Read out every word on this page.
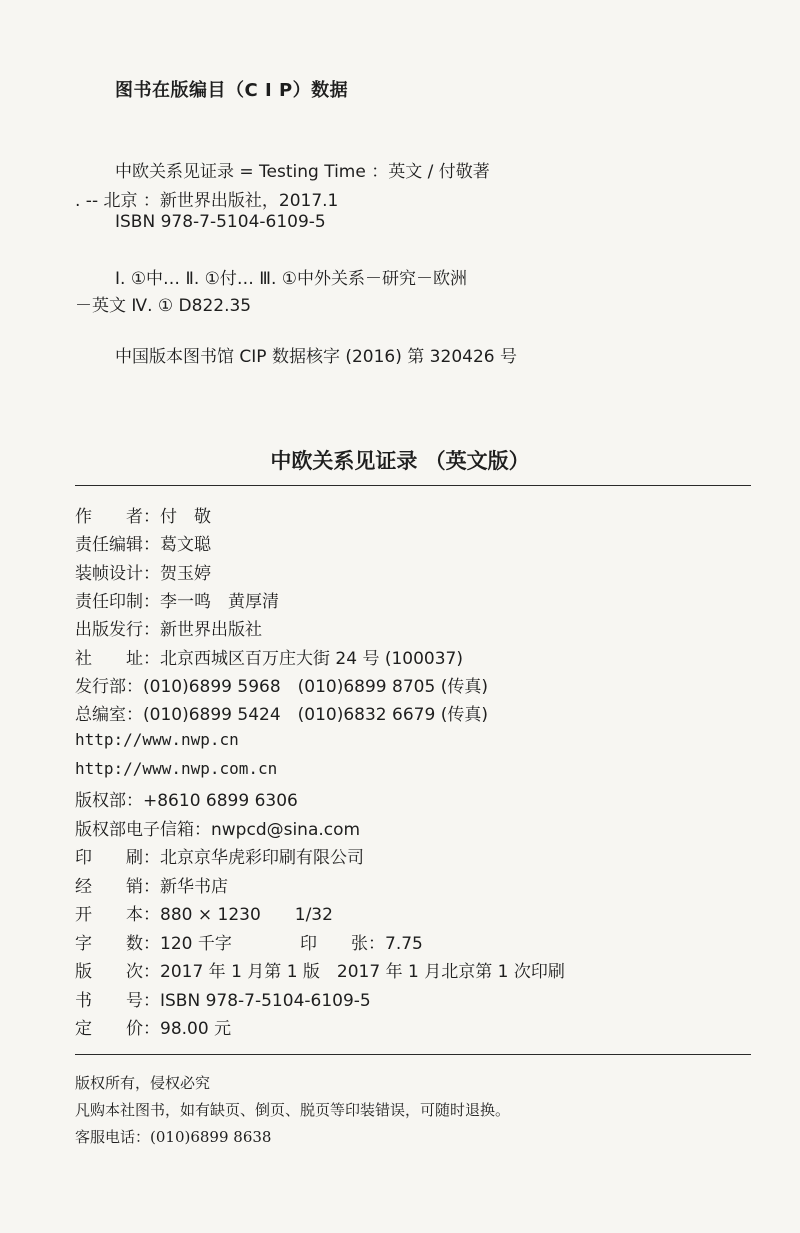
图书在版编目（C I P）数据
中欧关系见证录 = Testing Time ：英文 / 付敬著
. -- 北京 ：新世界出版社，2017.1
ISBN 978-7-5104-6109-5
Ⅰ. ①中… Ⅱ. ①付… Ⅲ. ①中外关系－研究－欧洲
－英文 Ⅳ. ① D822.35
中国版本图书馆 CIP 数据核字 (2016) 第 320426 号
中欧关系见证录 （英文版）
作　　者：付　敬
责任编辑：葛文聪
装帧设计：贺玉婷
责任印制：李一鸣　黄厚清
出版发行：新世界出版社
社　　址：北京西城区百万庄大街 24 号 (100037)
发行部：(010)6899 5968　(010)6899 8705 (传真)
总编室：(010)6899 5424　(010)6832 6679 (传真)
http://www.nwp.cn
http://www.nwp.com.cn
版权部：+8610 6899 6306
版权部电子信箱：nwpcd@sina.com
印　　刷：北京京华虎彩印刷有限公司
经　　销：新华书店
开　　本：880 × 1230　　1/32
字　　数：120 千字	印　　张：7.75
版　　次：2017 年 1 月第 1 版　2017 年 1 月北京第 1 次印刷
书　　号：ISBN 978-7-5104-6109-5
定　　价：98.00 元
版权所有，侵权必究
凡购本社图书，如有缺页、倒页、脱页等印装错误，可随时退换。
客服电话：(010)6899 8638
